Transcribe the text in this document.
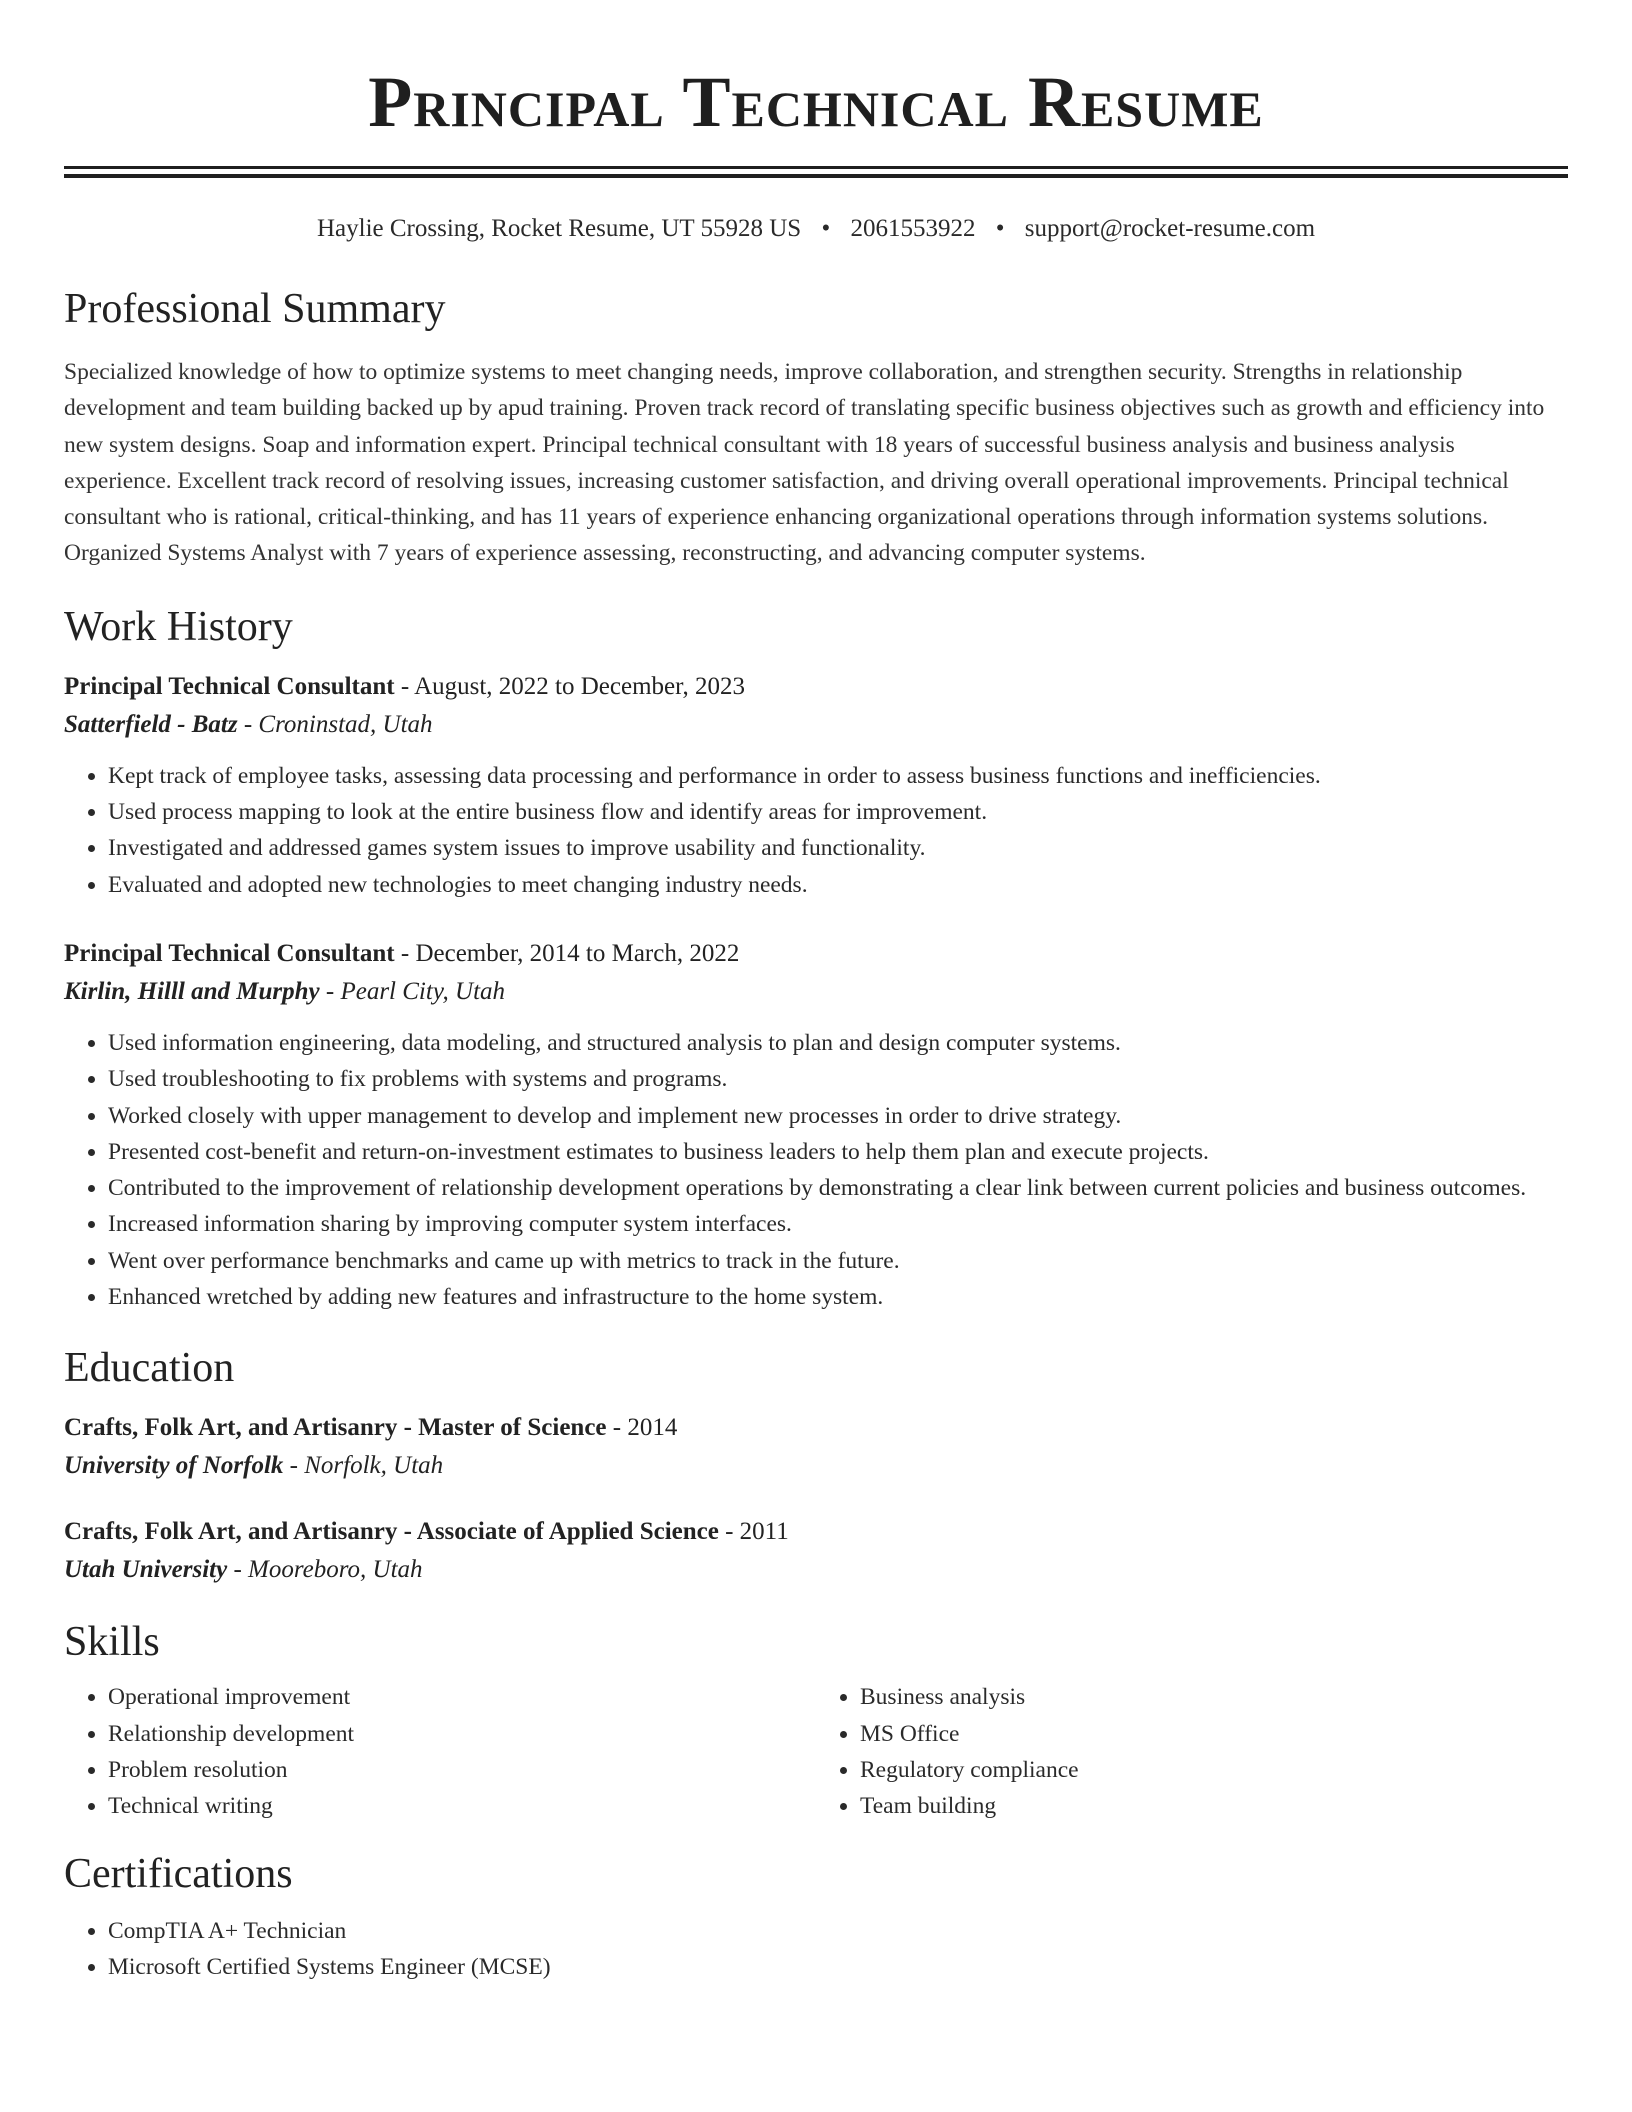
Principal Technical Resume
Haylie Crossing, Rocket Resume, UT 55928 US • 2061553922 • support@rocket-resume.com
Professional Summary

Specialized knowledge of how to optimize systems to meet changing needs, improve collaboration, and strengthen security. Strengths in relationship development and team building backed up by apud training. Proven track record of translating specific business objectives such as growth and efficiency into new system designs. Soap and information expert. Principal technical consultant with 18 years of successful business analysis and business analysis experience. Excellent track record of resolving issues, increasing customer satisfaction, and driving overall operational improvements. Principal technical consultant who is rational, critical-thinking, and has 11 years of experience enhancing organizational operations through information systems solutions. Organized Systems Analyst with 7 years of experience assessing, reconstructing, and advancing computer systems.

Work History
Principal Technical Consultant - August, 2022 to December, 2023
Satterfield - Batz - Croninstad, Utah
• Kept track of employee tasks, assessing data processing and performance in order to assess business functions and inefficiencies.
• Used process mapping to look at the entire business flow and identify areas for improvement.
• Investigated and addressed games system issues to improve usability and functionality.
• Evaluated and adopted new technologies to meet changing industry needs.
Principal Technical Consultant - December, 2014 to March, 2022
Kirlin, Hilll and Murphy - Pearl City, Utah
• Used information engineering, data modeling, and structured analysis to plan and design computer systems.
• Used troubleshooting to fix problems with systems and programs.
• Worked closely with upper management to develop and implement new processes in order to drive strategy.
• Presented cost-benefit and return-on-investment estimates to business leaders to help them plan and execute projects.
• Contributed to the improvement of relationship development operations by demonstrating a clear link between current policies and business outcomes.
• Increased information sharing by improving computer system interfaces.
• Went over performance benchmarks and came up with metrics to track in the future.
• Enhanced wretched by adding new features and infrastructure to the home system.
Education
Crafts, Folk Art, and Artisanry - Master of Science - 2014
University of Norfolk - Norfolk, Utah
Crafts, Folk Art, and Artisanry - Associate of Applied Science - 2011
Utah University - Mooreboro, Utah
Skills
• Operational improvement
• Relationship development
• Problem resolution
• Technical writing
• Business analysis
• MS Office
• Regulatory compliance
• Team building
Certifications
• CompTIA A+ Technician
• Microsoft Certified Systems Engineer (MCSE)
